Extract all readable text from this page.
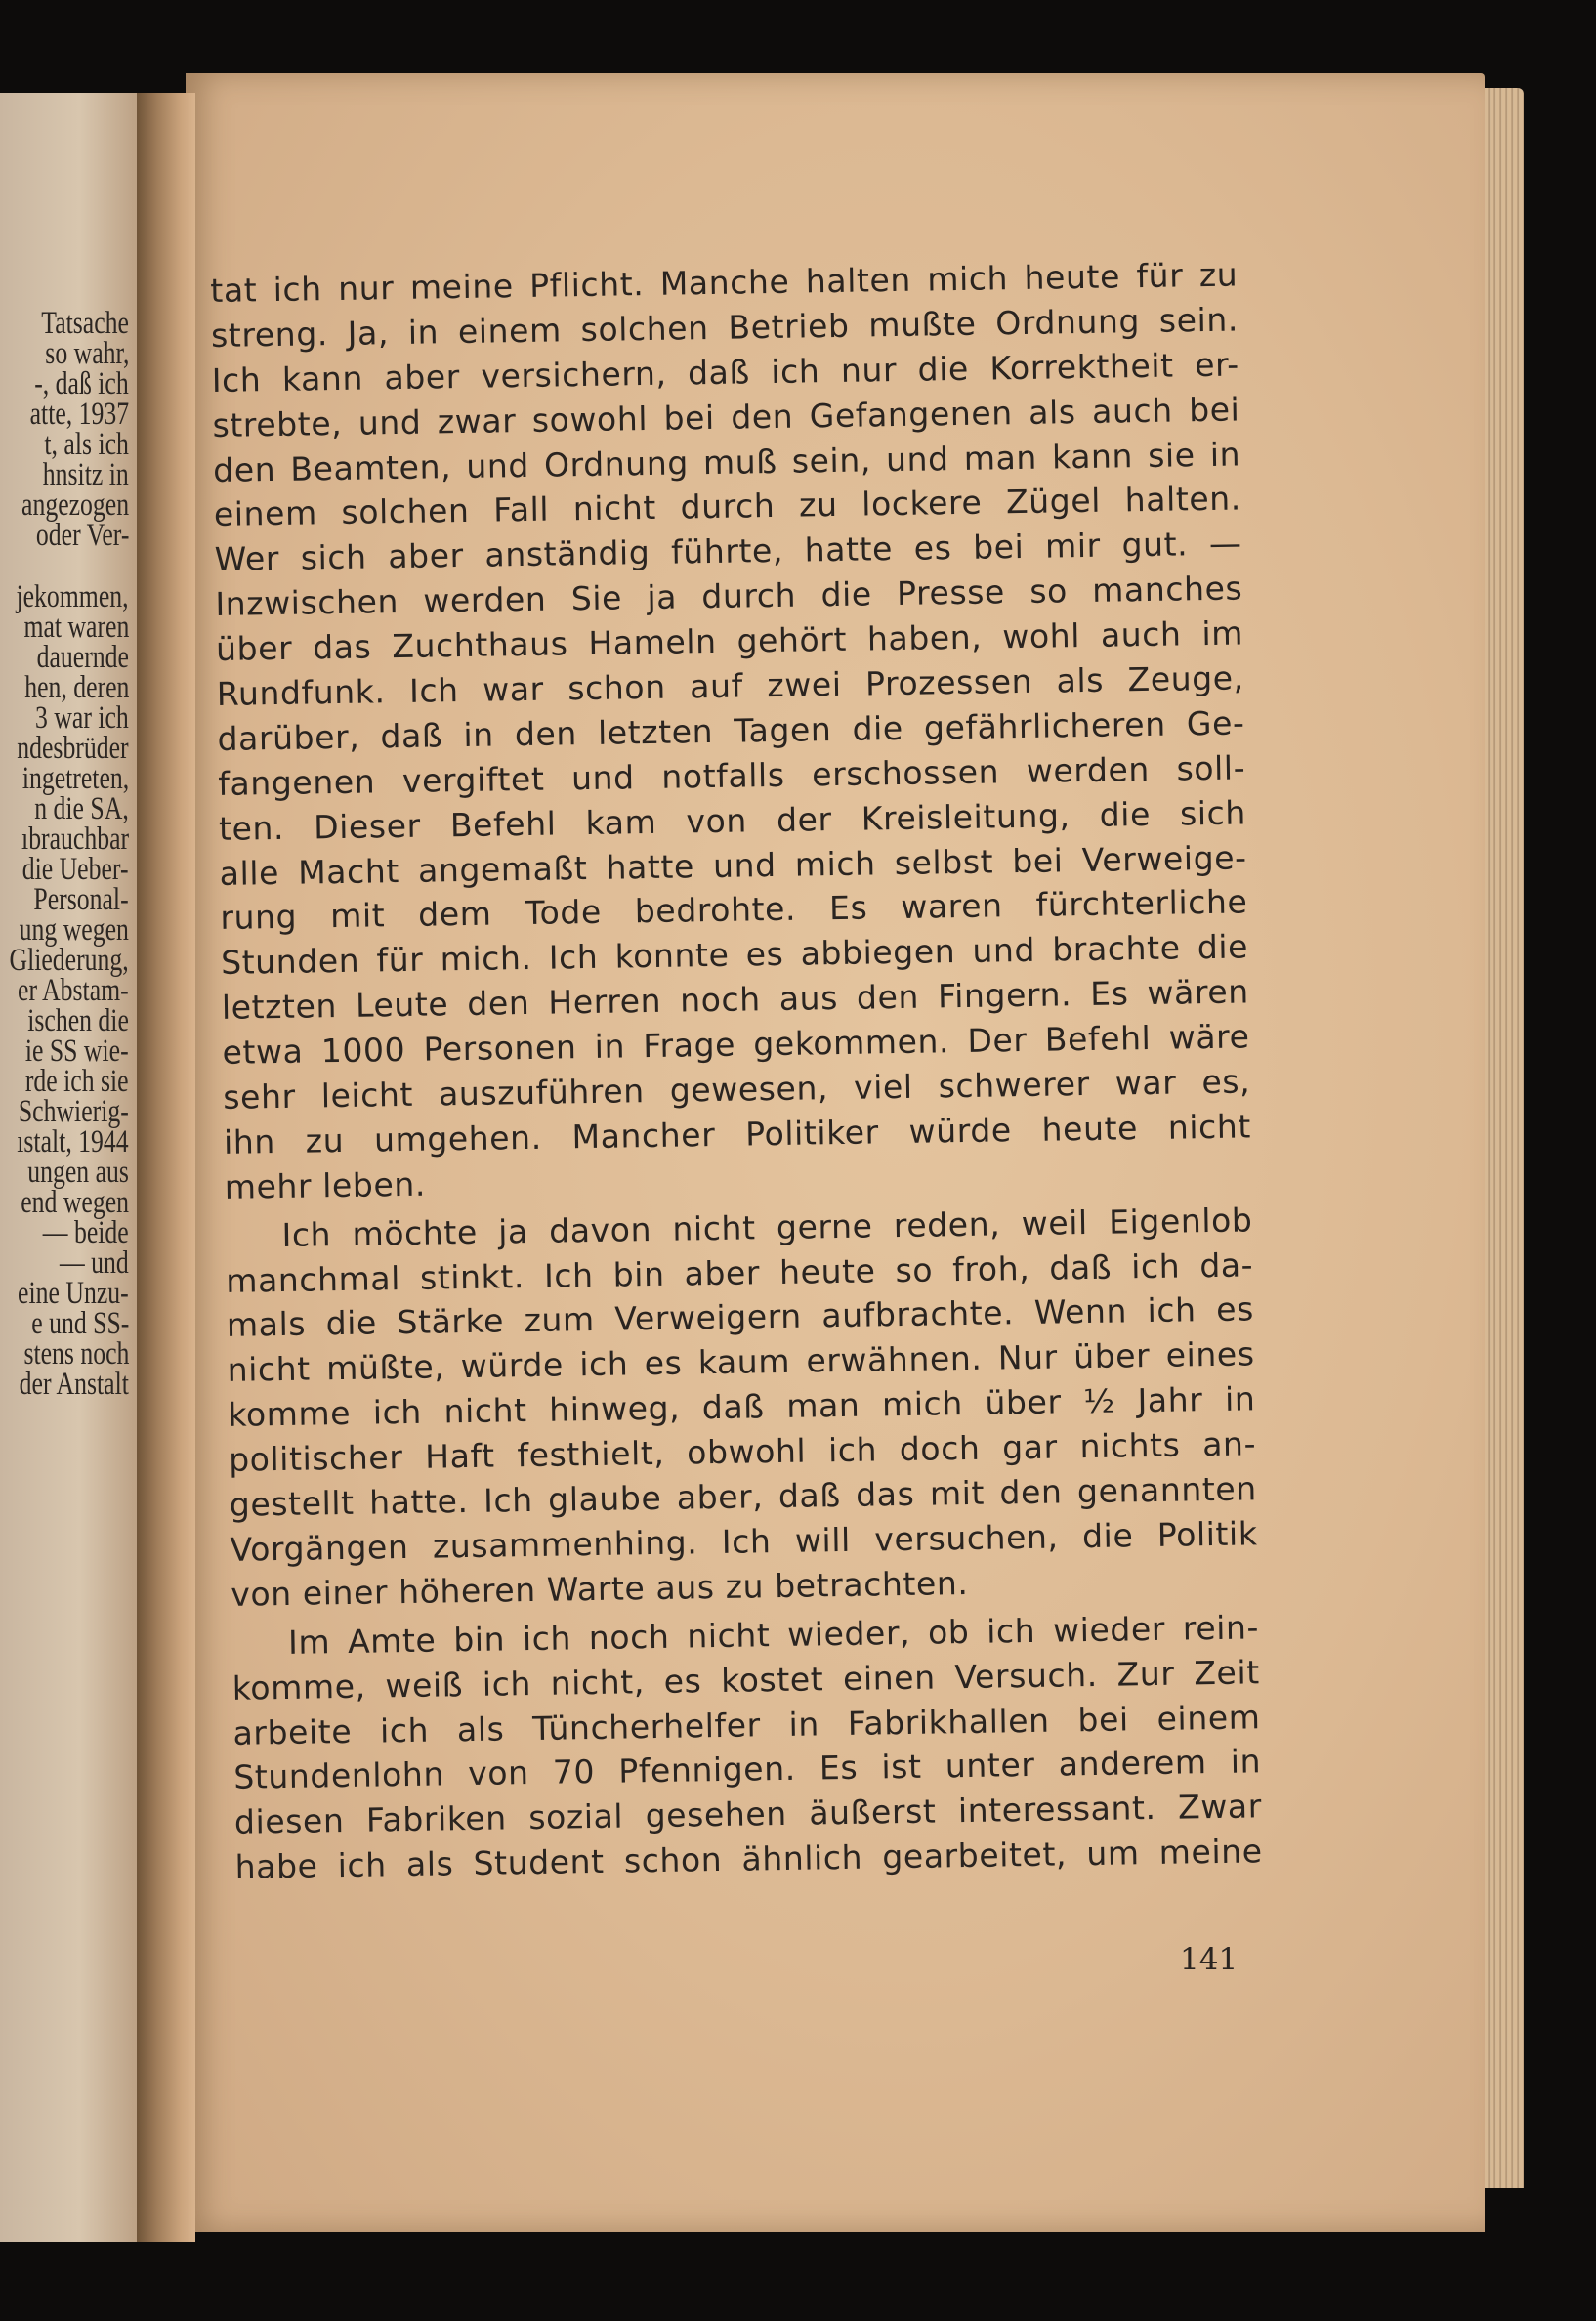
Tatsache
so wahr,
-, daß ich
atte, 1937
t, als ich
hnsitz in
angezogen
oder Ver-
jekommen,
mat waren
dauernde
hen, deren
3 war ich
ndesbrüder
ingetreten,
n die SA,
ıbrauchbar
die Ueber-
Personal-
ung wegen
Gliederung,
er Abstam-
ischen die
ie SS wie-
rde ich sie
Schwierig-
ıstalt, 1944
ungen aus
end wegen
— beide
— und
eine Unzu-
e und SS-
stens noch
der Anstalt
tat ich nur meine Pflicht. Manche halten mich heute für zu
streng. Ja, in einem solchen Betrieb mußte Ordnung sein.
Ich kann aber versichern, daß ich nur die Korrektheit er-
strebte, und zwar sowohl bei den Gefangenen als auch bei
den Beamten, und Ordnung muß sein, und man kann sie in
einem solchen Fall nicht durch zu lockere Zügel halten.
Wer sich aber anständig führte, hatte es bei mir gut. —
Inzwischen werden Sie ja durch die Presse so manches
über das Zuchthaus Hameln gehört haben, wohl auch im
Rundfunk. Ich war schon auf zwei Prozessen als Zeuge,
darüber, daß in den letzten Tagen die gefährlicheren Ge-
fangenen vergiftet und notfalls erschossen werden soll-
ten. Dieser Befehl kam von der Kreisleitung, die sich
alle Macht angemaßt hatte und mich selbst bei Verweige-
rung mit dem Tode bedrohte. Es waren fürchterliche
Stunden für mich. Ich konnte es abbiegen und brachte die
letzten Leute den Herren noch aus den Fingern. Es wären
etwa 1000 Personen in Frage gekommen. Der Befehl wäre
sehr leicht auszuführen gewesen, viel schwerer war es,
ihn zu umgehen. Mancher Politiker würde heute nicht
mehr leben.
Ich möchte ja davon nicht gerne reden, weil Eigenlob
manchmal stinkt. Ich bin aber heute so froh, daß ich da-
mals die Stärke zum Verweigern aufbrachte. Wenn ich es
nicht müßte, würde ich es kaum erwähnen. Nur über eines
komme ich nicht hinweg, daß man mich über ½ Jahr in
politischer Haft festhielt, obwohl ich doch gar nichts an-
gestellt hatte. Ich glaube aber, daß das mit den genannten
Vorgängen zusammenhing. Ich will versuchen, die Politik
von einer höheren Warte aus zu betrachten.
Im Amte bin ich noch nicht wieder, ob ich wieder rein-
komme, weiß ich nicht, es kostet einen Versuch. Zur Zeit
arbeite ich als Tüncherhelfer in Fabrikhallen bei einem
Stundenlohn von 70 Pfennigen. Es ist unter anderem in
diesen Fabriken sozial gesehen äußerst interessant. Zwar
habe ich als Student schon ähnlich gearbeitet, um meine
141
